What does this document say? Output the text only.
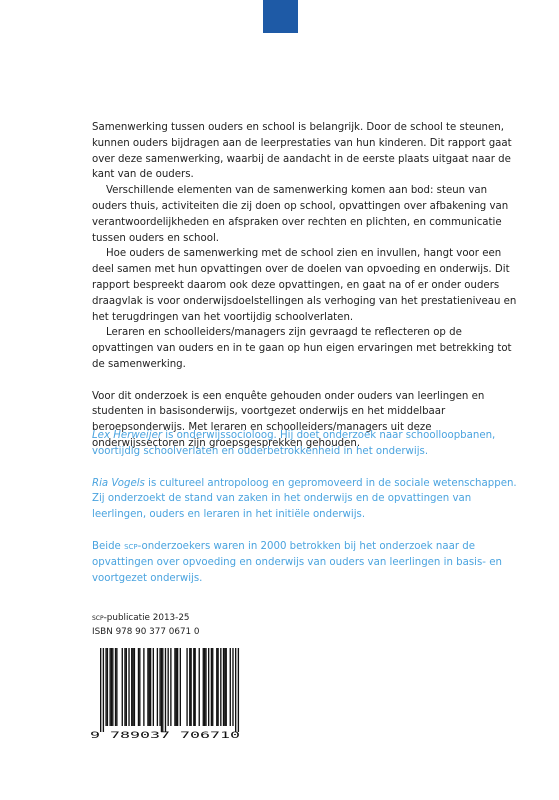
Samenwerking tussen ouders en school is belangrijk. Door de school te steunen, kunnen ouders bijdragen aan de leerprestaties van hun kinderen. Dit rapport gaat over deze samenwerking, waarbij de aandacht in de eerste plaats uitgaat naar de kant van de ouders.

Verschillende elementen van de samenwerking komen aan bod: steun van ouders thuis, activiteiten die zij doen op school, opvattingen over afbakening van verantwoordelijkheden en afspraken over rechten en plichten, en communicatie tussen ouders en school.

Hoe ouders de samenwerking met de school zien en invullen, hangt voor een deel samen met hun opvattingen over de doelen van opvoeding en onderwijs. Dit rapport bespreekt daarom ook deze opvattingen, en gaat na of er onder ouders draagvlak is voor onderwijsdoelstellingen als verhoging van het prestatieniveau en het terugdringen van het voortijdig schoolverlaten.

Leraren en schoolleiders/managers zijn gevraagd te reflecteren op de opvattingen van ouders en in te gaan op hun eigen ervaringen met betrekking tot de samenwerking.

Voor dit onderzoek is een enquête gehouden onder ouders van leerlingen en studenten in basisonderwijs, voortgezet onderwijs en het middelbaar beroepsonderwijs. Met leraren en schoolleiders/managers uit deze onderwijssectoren zijn groepsgesprekken gehouden.

Lex Herweijer is onderwijssocioloog. Hij doet onderzoek naar schoolloopbanen, voortijdig schoolverlaten en ouderbetrokkenheid in het onderwijs.

Ria Vogels is cultureel antropoloog en gepromoveerd in de sociale wetenschappen. Zij onderzoekt de stand van zaken in het onderwijs en de opvattingen van leerlingen, ouders en leraren in het initiële onderwijs.

Beide scp-onderzoekers waren in 2000 betrokken bij het onderzoek naar de opvattingen over opvoeding en onderwijs van ouders van leerlingen in basis- en voortgezet onderwijs.

scp-publicatie 2013-25
ISBN 978 90 377 0671 0
9 789037 706710
